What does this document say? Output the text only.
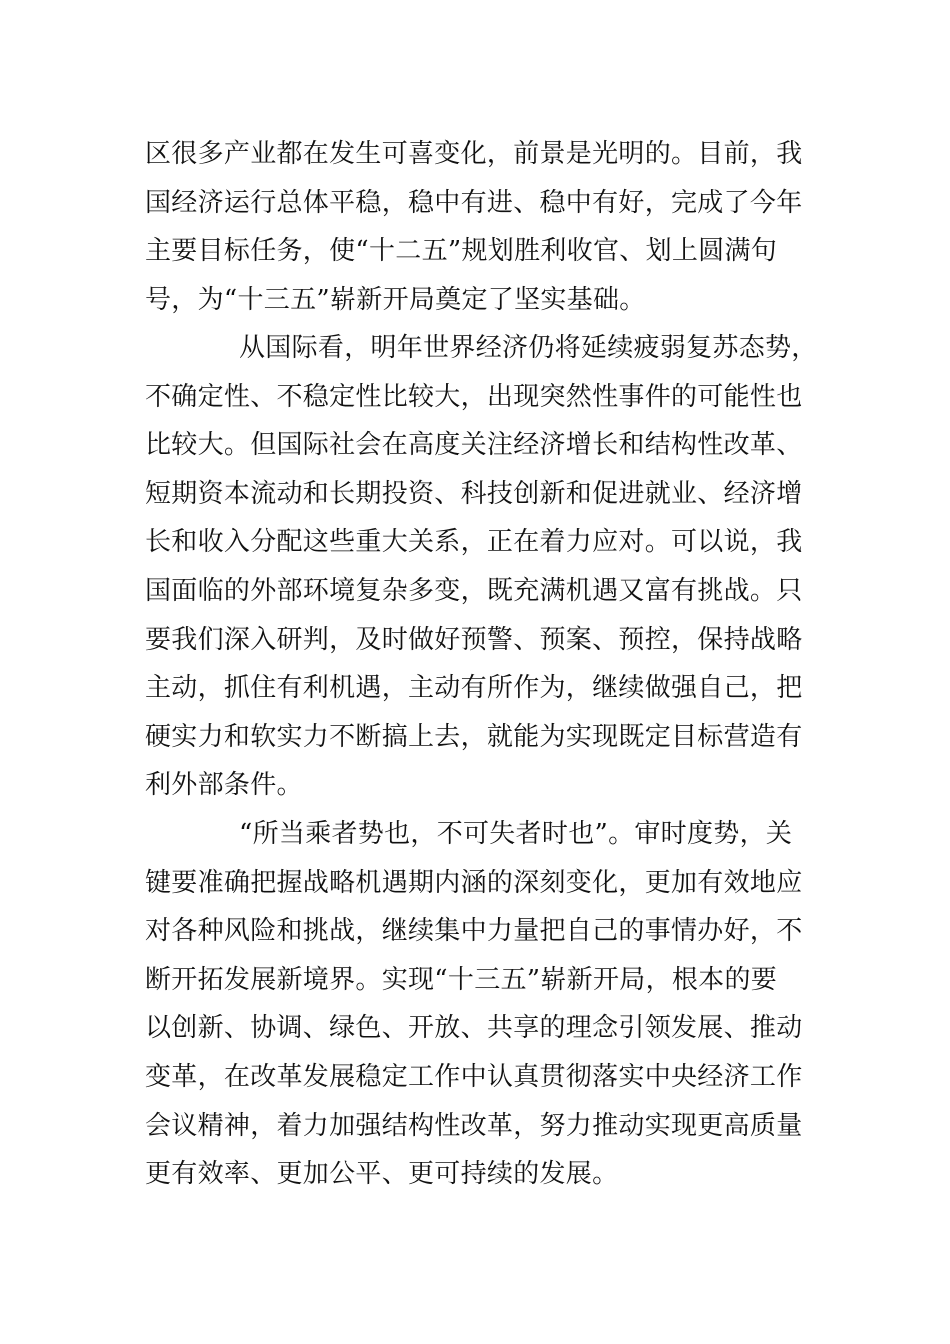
区很多产业都在发生可喜变化，前景是光明的。目前，我
国经济运行总体平稳，稳中有进、稳中有好，完成了今年
主要目标任务，使“十二五”规划胜利收官、划上圆满句
号，为“十三五”崭新开局奠定了坚实基础。
从国际看，明年世界经济仍将延续疲弱复苏态势，
不确定性、不稳定性比较大，出现突然性事件的可能性也
比较大。但国际社会在高度关注经济增长和结构性改革、
短期资本流动和长期投资、科技创新和促进就业、经济增
长和收入分配这些重大关系，正在着力应对。可以说，我
国面临的外部环境复杂多变，既充满机遇又富有挑战。只
要我们深入研判，及时做好预警、预案、预控，保持战略
主动，抓住有利机遇，主动有所作为，继续做强自己，把
硬实力和软实力不断搞上去，就能为实现既定目标营造有
利外部条件。
“所当乘者势也，不可失者时也”。审时度势，关
键要准确把握战略机遇期内涵的深刻变化，更加有效地应
对各种风险和挑战，继续集中力量把自己的事情办好，不
断开拓发展新境界。实现“十三五”崭新开局，根本的要
以创新、协调、绿色、开放、共享的理念引领发展、推动
变革，在改革发展稳定工作中认真贯彻落实中央经济工作
会议精神，着力加强结构性改革，努力推动实现更高质量
更有效率、更加公平、更可持续的发展。
